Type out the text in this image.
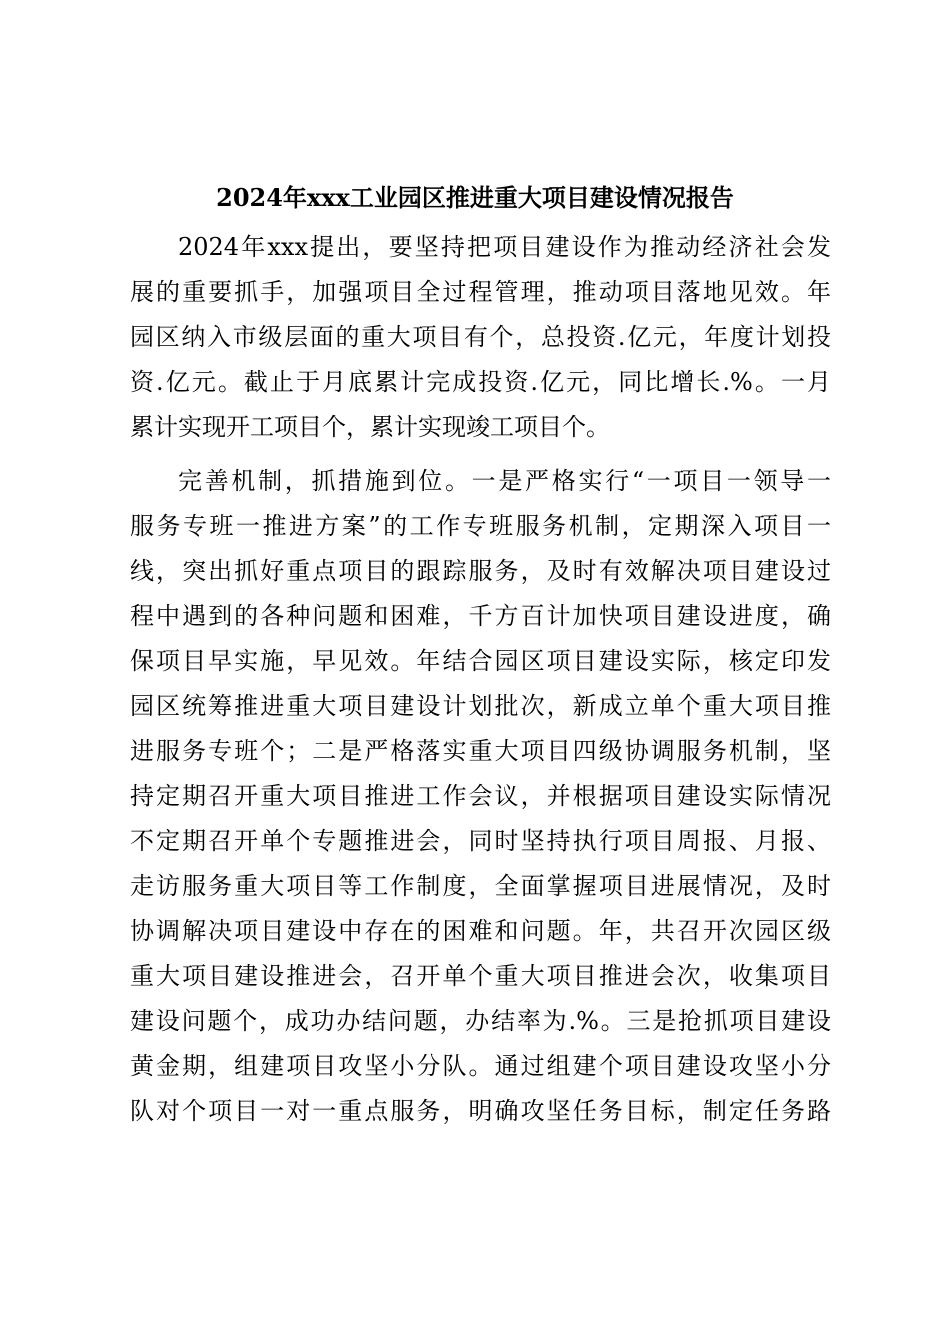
2024年xxx工业园区推进重大项目建设情况报告
2024年xxx提出，要坚持把项目建设作为推动经济社会发
展的重要抓手，加强项目全过程管理，推动项目落地见效。年
园区纳入市级层面的重大项目有个，总投资.亿元，年度计划投
资.亿元。截止于月底累计完成投资.亿元，同比增长.%。一月
累计实现开工项目个，累计实现竣工项目个。
完善机制，抓措施到位。一是严格实行“一项目一领导一
服务专班一推进方案”的工作专班服务机制，定期深入项目一
线，突出抓好重点项目的跟踪服务，及时有效解决项目建设过
程中遇到的各种问题和困难，千方百计加快项目建设进度，确
保项目早实施，早见效。年结合园区项目建设实际，核定印发
园区统筹推进重大项目建设计划批次，新成立单个重大项目推
进服务专班个；二是严格落实重大项目四级协调服务机制，坚
持定期召开重大项目推进工作会议，并根据项目建设实际情况
不定期召开单个专题推进会，同时坚持执行项目周报、月报、
走访服务重大项目等工作制度，全面掌握项目进展情况，及时
协调解决项目建设中存在的困难和问题。年，共召开次园区级
重大项目建设推进会，召开单个重大项目推进会次，收集项目
建设问题个，成功办结问题，办结率为.%。三是抢抓项目建设
黄金期，组建项目攻坚小分队。通过组建个项目建设攻坚小分
队对个项目一对一重点服务，明确攻坚任务目标，制定任务路
